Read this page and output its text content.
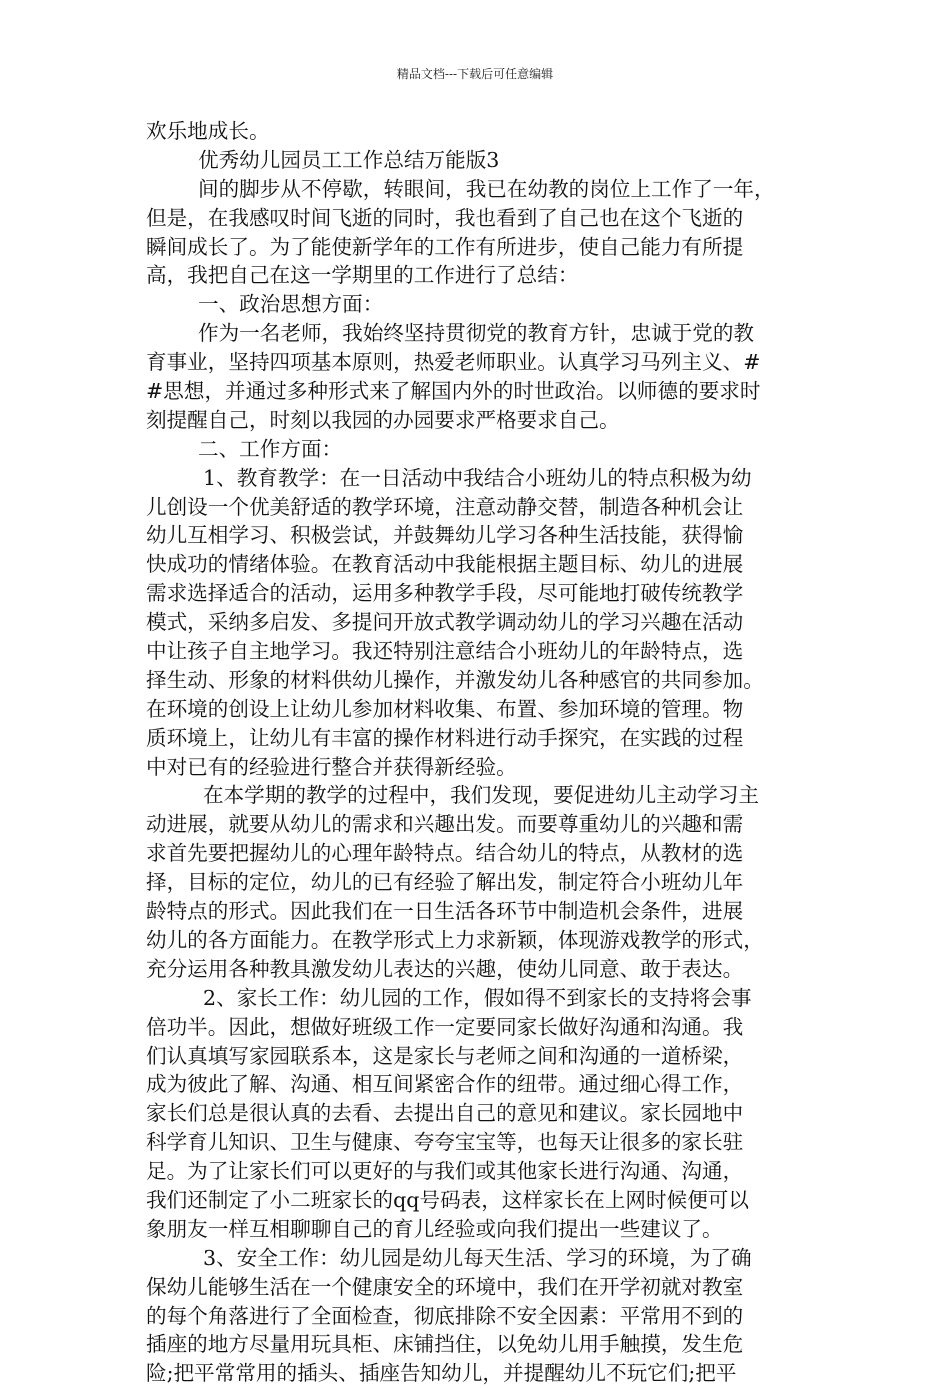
精品文档---下载后可任意编辑
欢乐地成长。
优秀幼儿园员工工作总结万能版3
间的脚步从不停歇，转眼间，我已在幼教的岗位上工作了一年，
但是，在我感叹时间飞逝的同时，我也看到了自己也在这个飞逝的
瞬间成长了。为了能使新学年的工作有所进步，使自己能力有所提
高，我把自己在这一学期里的工作进行了总结：
一、政治思想方面：
作为一名老师，我始终坚持贯彻党的教育方针，忠诚于党的教
育事业，坚持四项基本原则，热爱老师职业。认真学习马列主义、#
#思想，并通过多种形式来了解国内外的时世政治。以师德的要求时
刻提醒自己，时刻以我园的办园要求严格要求自己。
二、工作方面：
1、教育教学：在一日活动中我结合小班幼儿的特点积极为幼
儿创设一个优美舒适的教学环境，注意动静交替，制造各种机会让
幼儿互相学习、积极尝试，并鼓舞幼儿学习各种生活技能，获得愉
快成功的情绪体验。在教育活动中我能根据主题目标、幼儿的进展
需求选择适合的活动，运用多种教学手段，尽可能地打破传统教学
模式，采纳多启发、多提问开放式教学调动幼儿的学习兴趣在活动
中让孩子自主地学习。我还特别注意结合小班幼儿的年龄特点，选
择生动、形象的材料供幼儿操作，并激发幼儿各种感官的共同参加。
在环境的创设上让幼儿参加材料收集、布置、参加环境的管理。物
质环境上，让幼儿有丰富的操作材料进行动手探究，在实践的过程
中对已有的经验进行整合并获得新经验。
在本学期的教学的过程中，我们发现，要促进幼儿主动学习主
动进展，就要从幼儿的需求和兴趣出发。而要尊重幼儿的兴趣和需
求首先要把握幼儿的心理年龄特点。结合幼儿的特点，从教材的选
择，目标的定位，幼儿的已有经验了解出发，制定符合小班幼儿年
龄特点的形式。因此我们在一日生活各环节中制造机会条件，进展
幼儿的各方面能力。在教学形式上力求新颖，体现游戏教学的形式，
充分运用各种教具激发幼儿表达的兴趣，使幼儿同意、敢于表达。
2、家长工作：幼儿园的工作，假如得不到家长的支持将会事
倍功半。因此，想做好班级工作一定要同家长做好沟通和沟通。我
们认真填写家园联系本，这是家长与老师之间和沟通的一道桥梁，
成为彼此了解、沟通、相互间紧密合作的纽带。通过细心得工作，
家长们总是很认真的去看、去提出自己的意见和建议。家长园地中
科学育儿知识、卫生与健康、夸夸宝宝等，也每天让很多的家长驻
足。为了让家长们可以更好的与我们或其他家长进行沟通、沟通，
我们还制定了小二班家长的qq号码表，这样家长在上网时候便可以
象朋友一样互相聊聊自己的育儿经验或向我们提出一些建议了。
3、安全工作：幼儿园是幼儿每天生活、学习的环境，为了确
保幼儿能够生活在一个健康安全的环境中，我们在开学初就对教室
的每个角落进行了全面检查，彻底排除不安全因素：平常用不到的
插座的地方尽量用玩具柜、床铺挡住，以免幼儿用手触摸，发生危
险;把平常常用的插头、插座告知幼儿，并提醒幼儿不玩它们;把平
